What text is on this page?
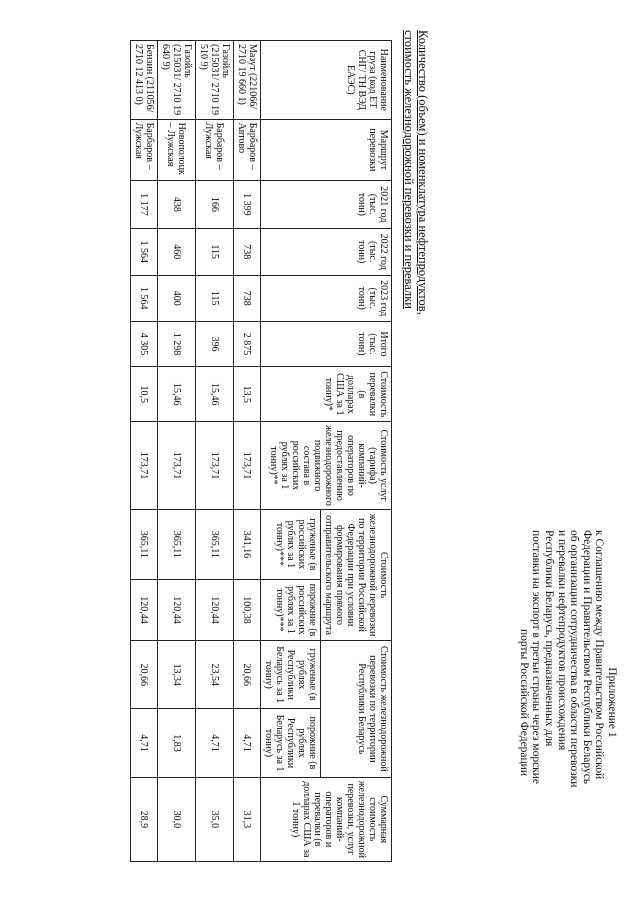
Приложение 1
к Соглашению между Правительством Российской
Федерации и Правительством Республики Беларусь
об организации сотрудничества в области перевозки
и перевалки нефтепродуктов происхождения
Республики Беларусь, предназначенных для
поставки на экспорт в третьи страны через морские
порты Российской Федерации
Количество (объем) и номенклатура нефтепродуктов,
стоимость железнодорожной перевозки и перевалки
Наименование груза (код ЕТ СНГ/ ТН ВЭД ЕАЭС)	Маршрут перевозки	2021 год (тыс. тонн)	2022 год (тыс. тонн)	2023 год (тыс. тонн)	Итого (тыс. тонн)	Стоимость перевалки (в долларах США за 1 тонну)*	Стоимость услуг (тарифа) компаний-операторов по предоставлению железнодорожного подвижного состава в российских рублях за 1 тонну)**	Стоимость железнодорожной перевозки по территории Российской Федерации при условии формирования прямого отправительского маршрута		Стоимость железнодорожной перевозки по территории Республики Беларусь		Суммарная стоимость железнодорожной перевозки, услуг компаний-операторов и перевалки (в долларах США за 1 тонну)
								груженые (в российских рублях за 1 тонну)***	порожние (в российских рублях за 1 тонну)***	груженые (в рублях Республики Беларусь за 1 тонну)	порожние (в рублях Республики Беларусь за 1 тонну)	
Мазут (221066/ 2710 19 660 1)	Барбаров – Автово	1 399	738	738	2 875	13,5	173,71	341,16	100,38	20,66	4,71	31,3
Газойль (215031/ 2710 19 510 9)	Барбаров – Лужская	166	115	115	396	15,46	173,71	365,11	120,44	23,54	4,71	35,0
Газойль (215031/ 2710 19 640 9)	Новополоцк – Лужская	438	460	400	1 298	15,46	173,71	365,11	120,44	13,34	1,83	30,0
Бензин (211056/ 2710 12 413 0)	Барбаров – Лужская	1 177	1 564	1 564	4 305	10,5	173,71	365,11	120,44	20,66	4,71	28,9
